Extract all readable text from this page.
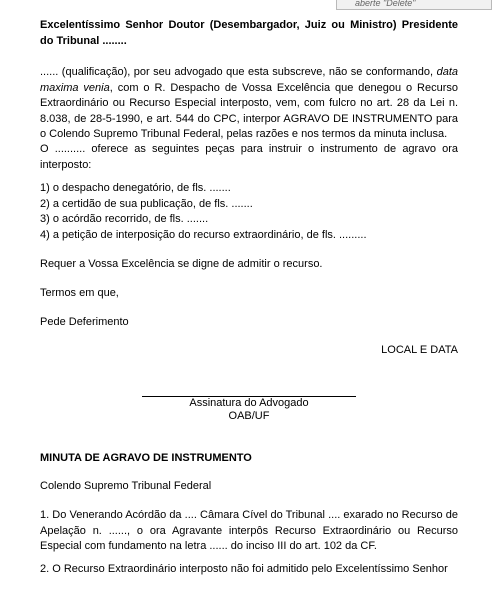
aberte "Delete"
Excelentíssimo Senhor Doutor (Desembargador, Juiz ou Ministro) Presidente do Tribunal ........
...... (qualificação), por seu advogado que esta subscreve, não se conformando, data maxima venia, com o R. Despacho de Vossa Excelência que denegou o Recurso Extraordinário ou Recurso Especial interposto, vem, com fulcro no art. 28 da Lei n. 8.038, de 28-5-1990, e art. 544 do CPC, interpor AGRAVO DE INSTRUMENTO para o Colendo Supremo Tribunal Federal, pelas razões e nos termos da minuta inclusa.
O .......... oferece as seguintes peças para instruir o instrumento de agravo ora interposto:
1) o despacho denegatório, de fls. .......
2) a certidão de sua publicação, de fls. .......
3) o acórdão recorrido, de fls. .......
4) a petição de interposição do recurso extraordinário, de fls. .........
Requer a Vossa Excelência se digne de admitir o recurso.
Termos em que,
Pede Deferimento
LOCAL E DATA
Assinatura do Advogado
OAB/UF
MINUTA DE AGRAVO DE INSTRUMENTO
Colendo Supremo Tribunal Federal
1. Do Venerando Acórdão da .... Câmara Cível do Tribunal .... exarado no Recurso de Apelação n. ......, o ora Agravante interpôs Recurso Extraordinário ou Recurso Especial com fundamento na letra ...... do inciso III do art. 102 da CF.
2. O Recurso Extraordinário interposto não foi admitido pelo Excelentíssimo Senhor
